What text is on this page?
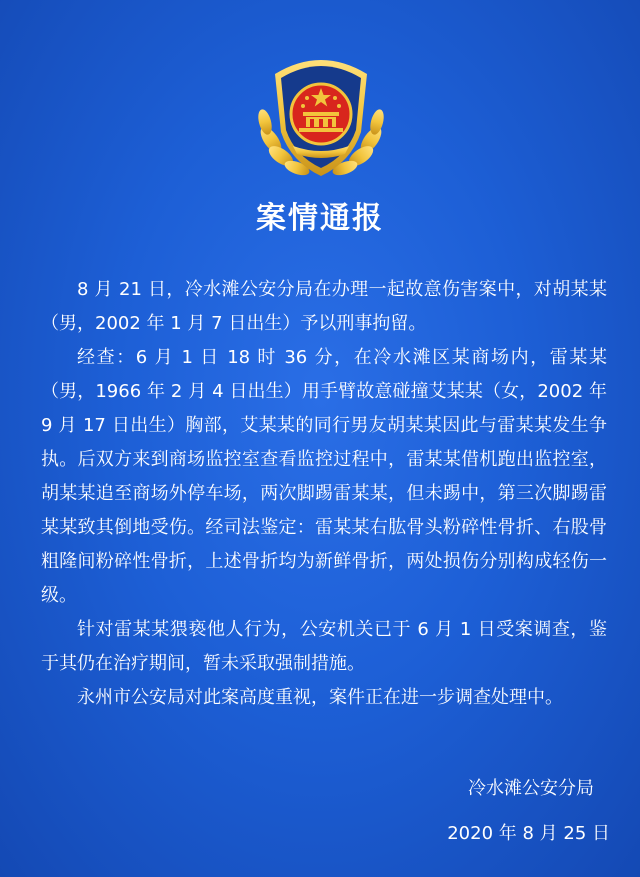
案情通报

8 月 21 日，冷水滩公安分局在办理一起故意伤害案中，对胡某某（男，2002 年 1 月 7 日出生）予以刑事拘留。

经查：6 月 1 日 18 时 36 分，在冷水滩区某商场内，雷某某（男，1966 年 2 月 4 日出生）用手臂故意碰撞艾某某（女，2002 年 9 月 17 日出生）胸部，艾某某的同行男友胡某某因此与雷某某发生争执。后双方来到商场监控室查看监控过程中，雷某某借机跑出监控室，胡某某追至商场外停车场，两次脚踢雷某某，但未踢中，第三次脚踢雷某某致其倒地受伤。经司法鉴定：雷某某右肱骨头粉碎性骨折、右股骨粗隆间粉碎性骨折，上述骨折均为新鲜骨折，两处损伤分别构成轻伤一级。

针对雷某某猥亵他人行为，公安机关已于 6 月 1 日受案调查，鉴于其仍在治疗期间，暂未采取强制措施。

永州市公安局对此案高度重视，案件正在进一步调查处理中。

冷水滩公安分局
2020 年 8 月 25 日
